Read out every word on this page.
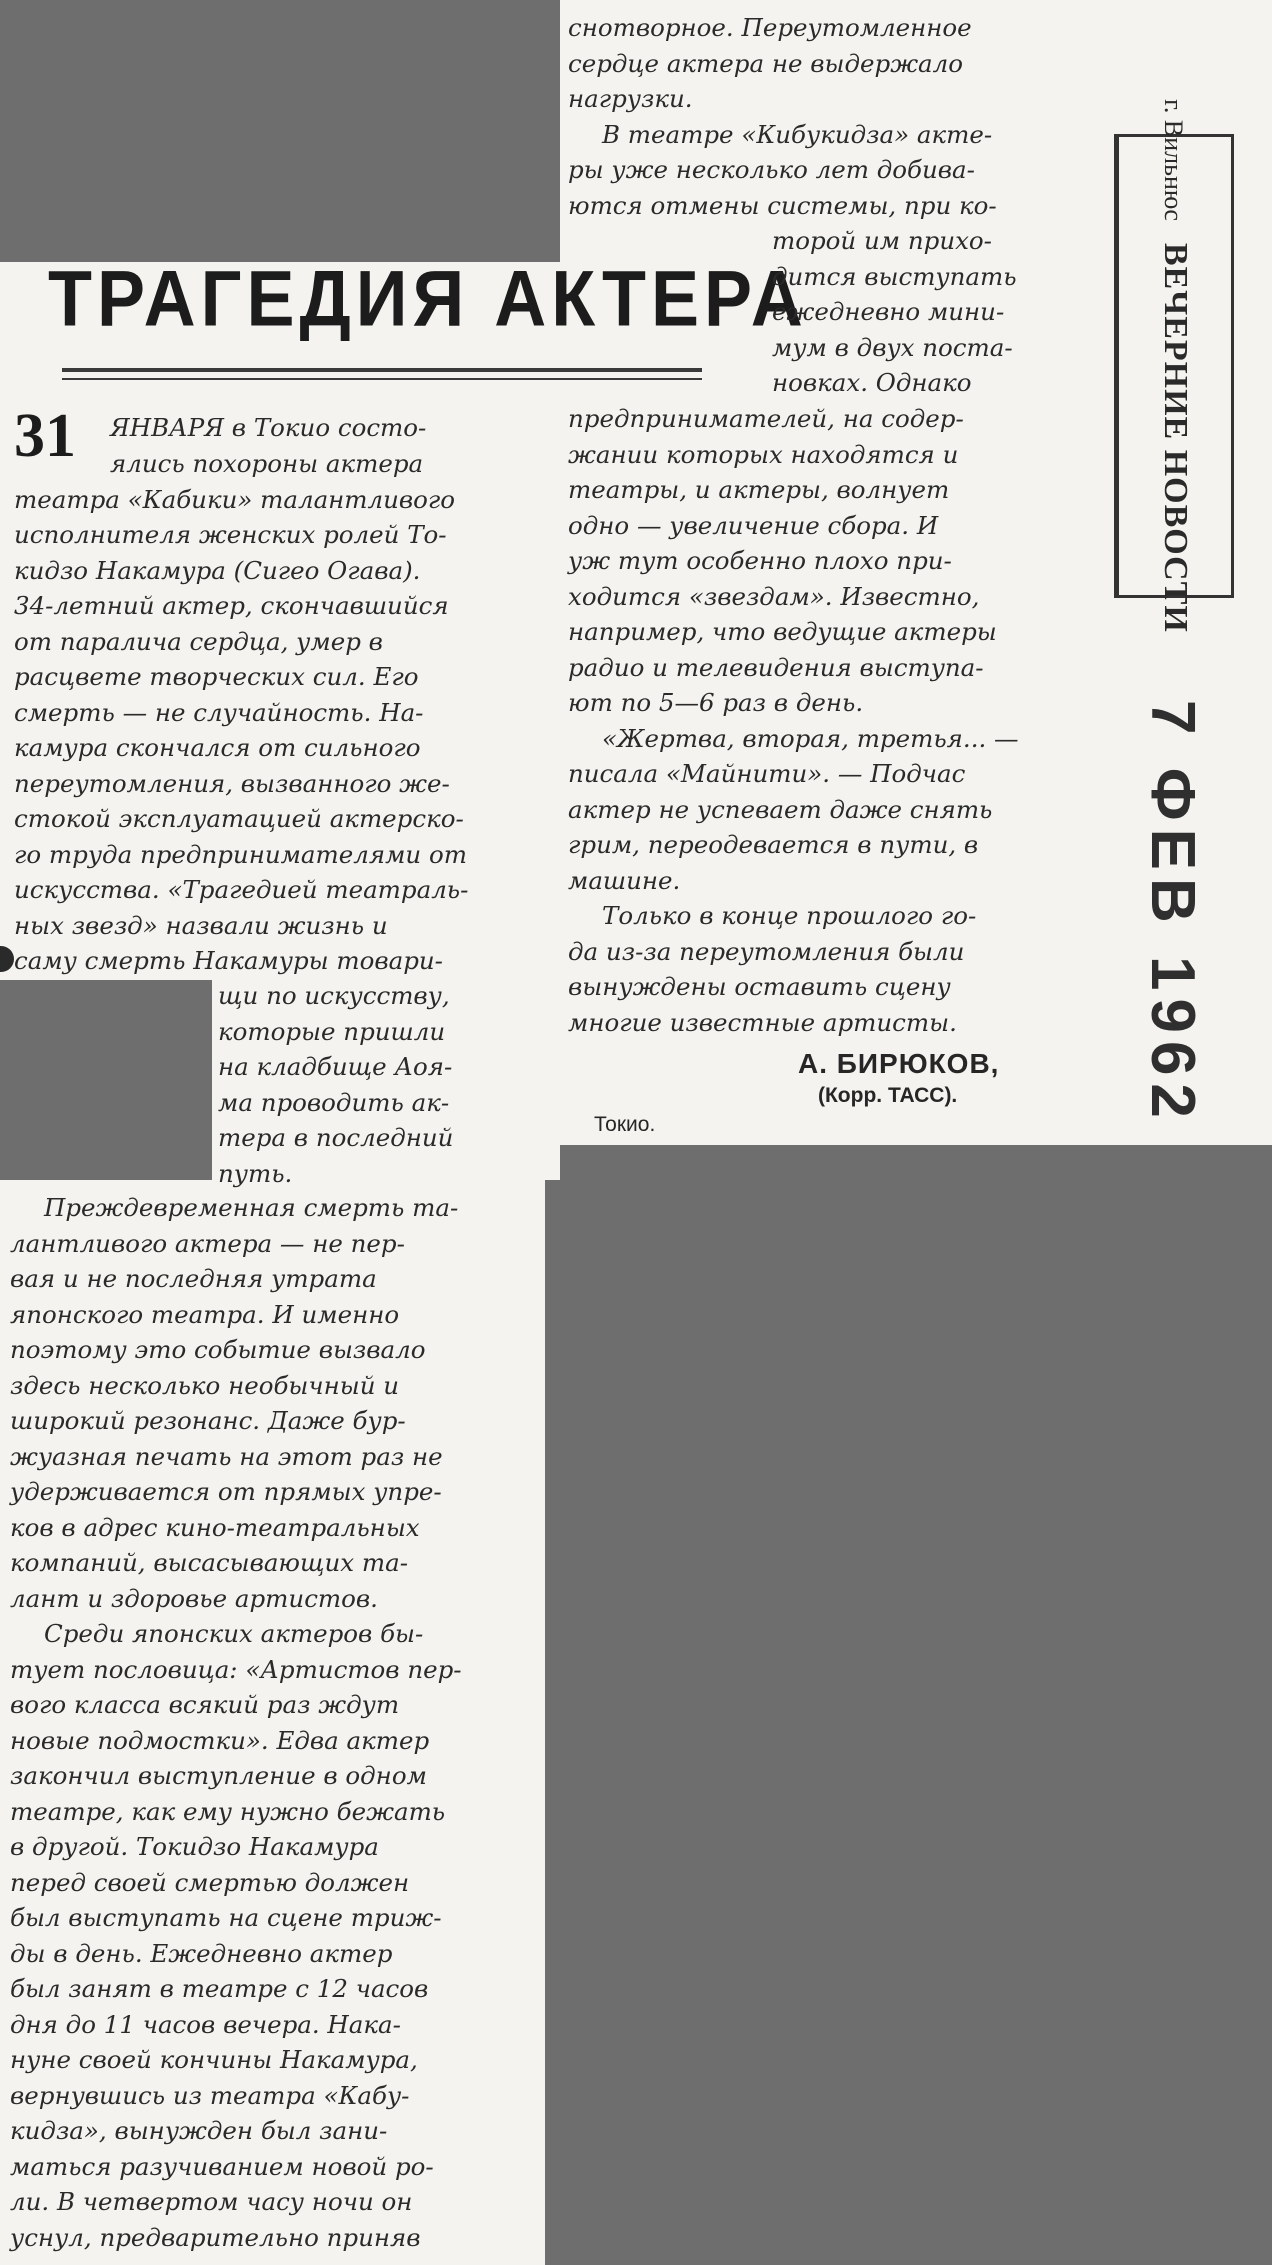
ТРАГЕДИЯ АКТЕРА
31 ЯНВАРЯ в Токио состо-
ялись похороны актера
театра «Кабики» талантливого
исполнителя женских ролей То-
кидзо Накамура (Сигео Огава).
34-летний актер, скончавшийся
от паралича сердца, умер в
расцвете творческих сил. Его
смерть — не случайность. На-
камура скончался от сильного
переутомления, вызванного же-
стокой эксплуатацией актерско-
го труда предпринимателями от
искусства. «Трагедией театраль-
ных звезд» назвали жизнь и
саму смерть Накамуры товари-
щи по искусству,
которые пришли
на кладбище Аоя-
ма проводить ак-
тера в последний
путь.
Преждевременная смерть та-
лантливого актера — не пер-
вая и не последняя утрата
японского театра. И именно
поэтому это событие вызвало
здесь несколько необычный и
широкий резонанс. Даже бур-
жуазная печать на этот раз не
удерживается от прямых упре-
ков в адрес кино-театральных
компаний, высасывающих та-
лант и здоровье артистов.
Среди японских актеров бы-
тует пословица: «Артистов пер-
вого класса всякий раз ждут
новые подмостки». Едва актер
закончил выступление в одном
театре, как ему нужно бежать
в другой. Токидзо Накамура
перед своей смертью должен
был выступать на сцене триж-
ды в день. Ежедневно актер
был занят в театре с 12 часов
дня до 11 часов вечера. Нака-
нуне своей кончины Накамура,
вернувшись из театра «Кабу-
кидза», вынужден был зани-
маться разучиванием новой ро-
ли. В четвертом часу ночи он
уснул, предварительно приняв
снотворное. Переутомленное
сердце актера не выдержало
нагрузки.
В театре «Кибукидза» акте-
ры уже несколько лет добива-
ются отмены системы, при ко-
торой им прихо-
дится выступать
ежедневно мини-
мум в двух поста-
новках. Однако
предпринимателей, на содер-
жании которых находятся и
театры, и актеры, волнует
одно — увеличение сбора. И
уж тут особенно плохо при-
ходится «звездам». Известно,
например, что ведущие актеры
радио и телевидения выступа-
ют по 5—6 раз в день.
«Жертва, вторая, третья... —
писала «Майнити». — Подчас
актер не успевает даже снять
грим, переодевается в пути, в
машине.
Только в конце прошлого го-
да из-за переутомления были
вынуждены оставить сцену
многие известные артисты.
А. БИРЮКОВ,
(Корр. ТАСС).
Токио.
г. Вильнюс ВЕЧЕРНИЕ НОВОСТИ
7 ФЕВ 1962
